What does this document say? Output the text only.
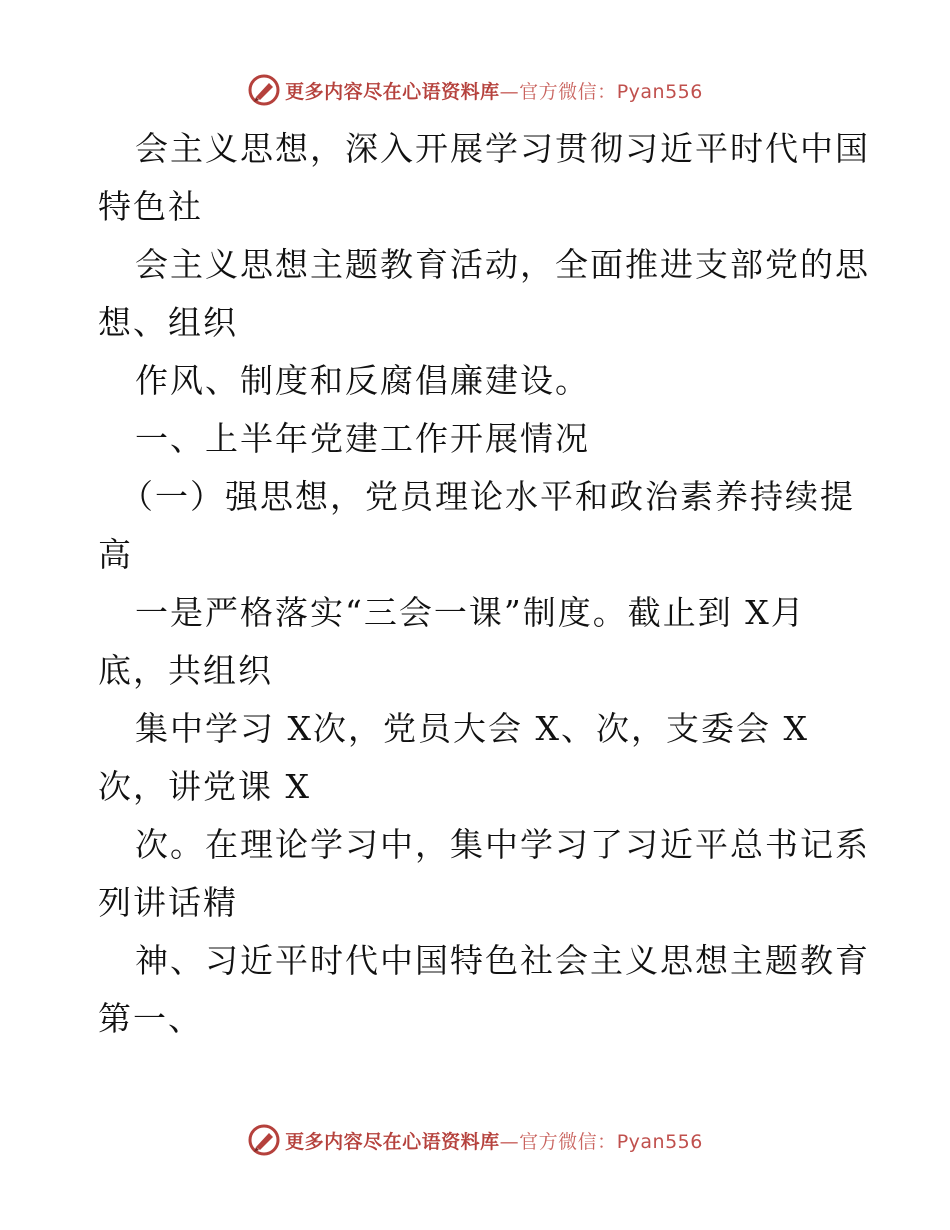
更多内容尽在心语资料库—官方微信：Pyan556
会主义思想，深入开展学习贯彻习近平时代中国
特色社
会主义思想主题教育活动，全面推进支部党的思
想、组织
作风、制度和反腐倡廉建设。
一、上半年党建工作开展情况
（一）强思想，党员理论水平和政治素养持续提
高
一是严格落实“三会一课”制度。截止到 X月
底，共组织
集中学习 X次，党员大会 X、次，支委会 X
次，讲党课 X
次。在理论学习中，集中学习了习近平总书记系
列讲话精
神、习近平时代中国特色社会主义思想主题教育
第一、
更多内容尽在心语资料库—官方微信：Pyan556
